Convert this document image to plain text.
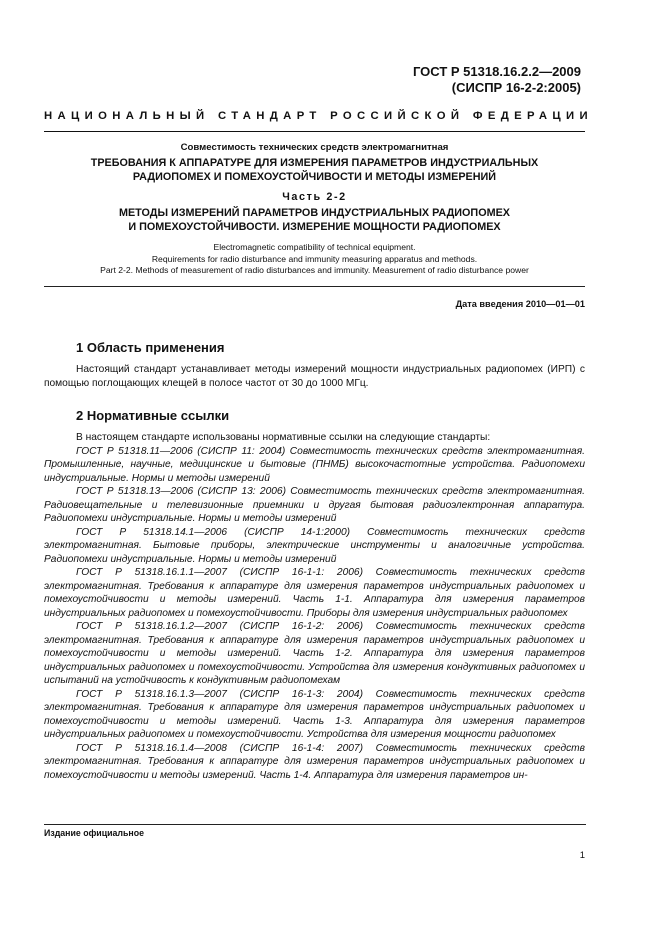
ГОСТ Р 51318.16.2.2—2009
(СИСПР 16-2-2:2005)
НАЦИОНАЛЬНЫЙ СТАНДАРТ РОССИЙСКОЙ ФЕДЕРАЦИИ
Совместимость технических средств электромагнитная
ТРЕБОВАНИЯ К АППАРАТУРЕ ДЛЯ ИЗМЕРЕНИЯ ПАРАМЕТРОВ ИНДУСТРИАЛЬНЫХ
РАДИОПОМЕХ И ПОМЕХОУСТОЙЧИВОСТИ И МЕТОДЫ ИЗМЕРЕНИЙ
Часть 2-2
МЕТОДЫ ИЗМЕРЕНИЙ ПАРАМЕТРОВ ИНДУСТРИАЛЬНЫХ РАДИОПОМЕХ
И ПОМЕХОУСТОЙЧИВОСТИ. ИЗМЕРЕНИЕ МОЩНОСТИ РАДИОПОМЕХ
Electromagnetic compatibility of technical equipment.
Requirements for radio disturbance and immunity measuring apparatus and methods.
Part 2-2. Methods of measurement of radio disturbances and immunity. Measurement of radio disturbance power
Дата введения 2010—01—01
1 Область применения
Настоящий стандарт устанавливает методы измерений мощности индустриальных радиопомех (ИРП) с помощью поглощающих клещей в полосе частот от 30 до 1000 МГц.
2 Нормативные ссылки
В настоящем стандарте использованы нормативные ссылки на следующие стандарты:
ГОСТ Р 51318.11—2006 (СИСПР 11: 2004) Совместимость технических средств электромагнитная. Промышленные, научные, медицинские и бытовые (ПНМБ) высокочастотные устройства. Радиопомехи индустриальные. Нормы и методы измерений
ГОСТ Р 51318.13—2006 (СИСПР 13: 2006) Совместимость технических средств электромагнитная. Радиовещательные и телевизионные приемники и другая бытовая радиоэлектронная аппаратура. Радиопомехи индустриальные. Нормы и методы измерений
ГОСТ Р 51318.14.1—2006 (СИСПР 14-1:2000) Совместимость технических средств электромагнитная. Бытовые приборы, электрические инструменты и аналогичные устройства. Радиопомехи индустриальные. Нормы и методы измерений
ГОСТ Р 51318.16.1.1—2007 (СИСПР 16-1-1: 2006) Совместимость технических средств электромагнитная. Требования к аппаратуре для измерения параметров индустриальных радиопомех и помехоустойчивости и методы измерений. Часть 1-1. Аппаратура для измерения параметров индустриальных радиопомех и помехоустойчивости. Приборы для измерения индустриальных радиопомех
ГОСТ Р 51318.16.1.2—2007 (СИСПР 16-1-2: 2006) Совместимость технических средств электромагнитная. Требования к аппаратуре для измерения параметров индустриальных радиопомех и помехоустойчивости и методы измерений. Часть 1-2. Аппаратура для измерения параметров индустриальных радиопомех и помехоустойчивости. Устройства для измерения кондуктивных радиопомех и испытаний на устойчивость к кондуктивным радиопомехам
ГОСТ Р 51318.16.1.3—2007 (СИСПР 16-1-3: 2004) Совместимость технических средств электромагнитная. Требования к аппаратуре для измерения параметров индустриальных радиопомех и помехоустойчивости и методы измерений. Часть 1-3. Аппаратура для измерения параметров индустриальных радиопомех и помехоустойчивости. Устройства для измерения мощности радиопомех
ГОСТ Р 51318.16.1.4—2008 (СИСПР 16-1-4: 2007) Совместимость технических средств электромагнитная. Требования к аппаратуре для измерения параметров индустриальных радиопомех и помехоустойчивости и методы измерений. Часть 1-4. Аппаратура для измерения параметров ин-
Издание официальное
1
